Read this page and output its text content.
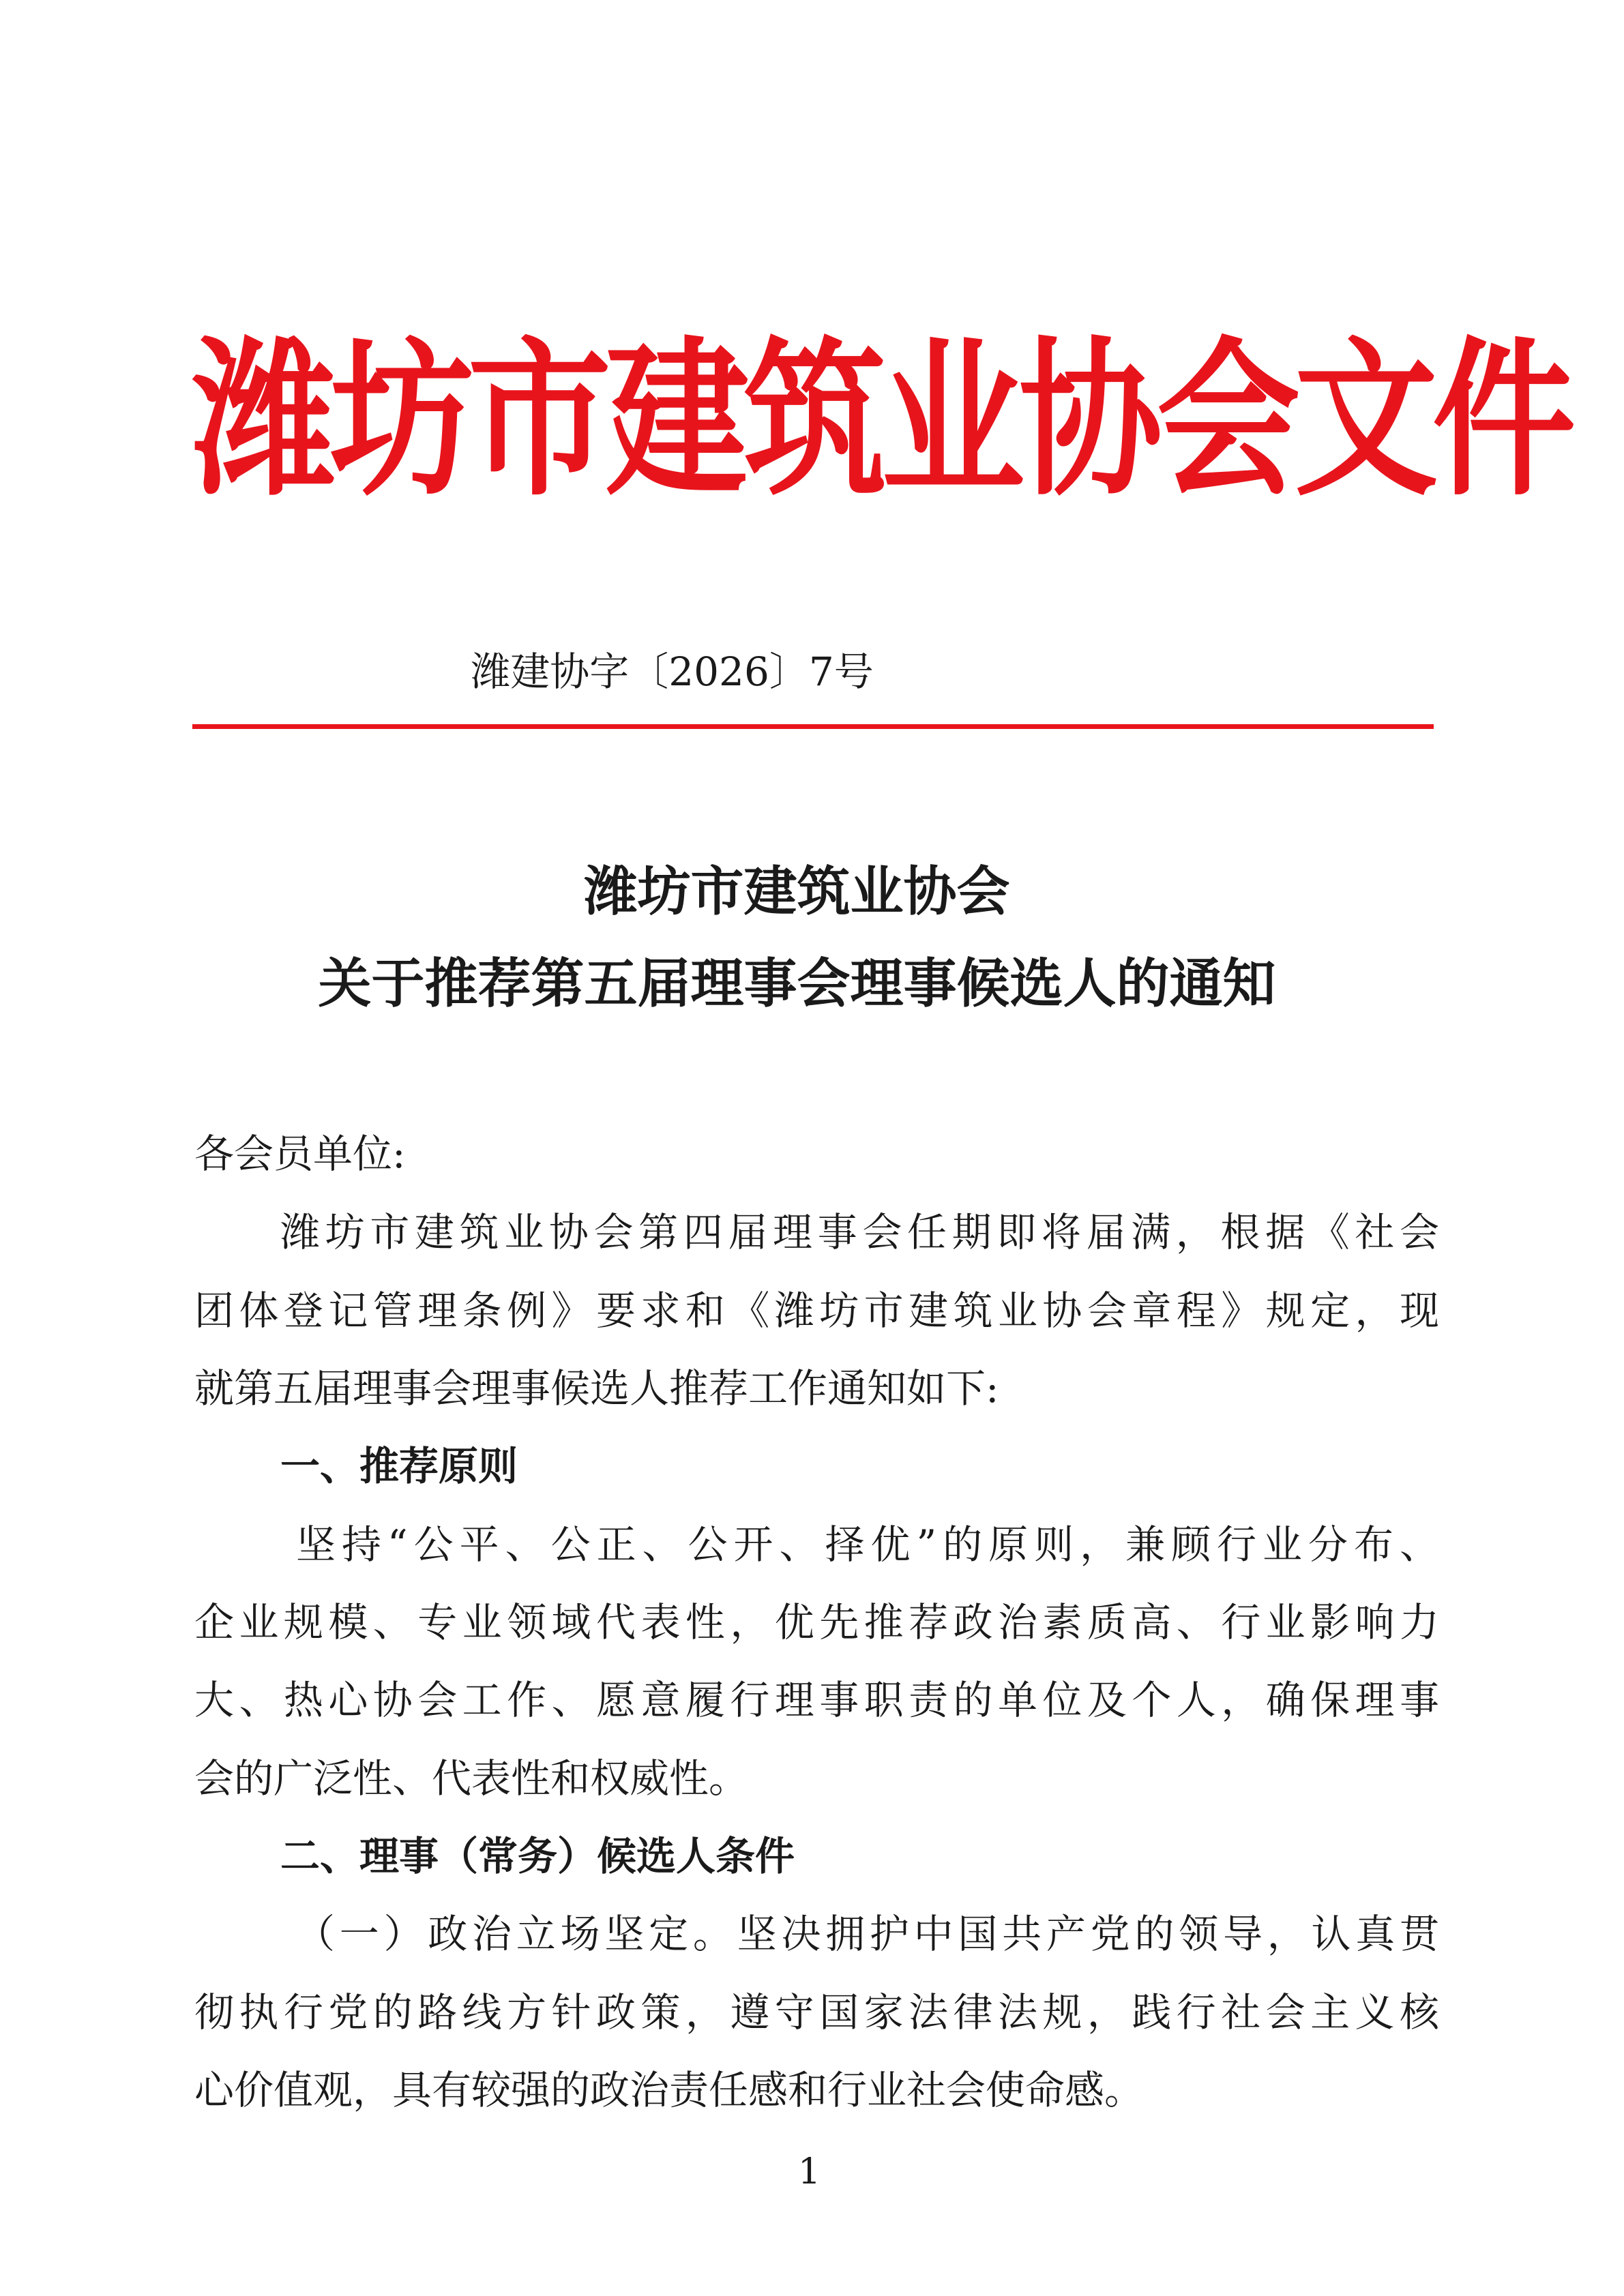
潍坊市建筑业协会文件
潍建协字〔2026〕7号
潍坊市建筑业协会
关于推荐第五届理事会理事候选人的通知
各会员单位:
潍坊市建筑业协会第四届理事会任期即将届满，根据《社会
团体登记管理条例》要求和《潍坊市建筑业协会章程》规定，现
就第五届理事会理事候选人推荐工作通知如下:
一、推荐原则
坚持“公平、公正、公开、择优”的原则，兼顾行业分布、
企业规模、专业领域代表性，优先推荐政治素质高、行业影响力
大、热心协会工作、愿意履行理事职责的单位及个人，确保理事
会的广泛性、代表性和权威性。
二、理事（常务）候选人条件
（一）政治立场坚定。坚决拥护中国共产党的领导，认真贯
彻执行党的路线方针政策，遵守国家法律法规，践行社会主义核
心价值观，具有较强的政治责任感和行业社会使命感。
1
